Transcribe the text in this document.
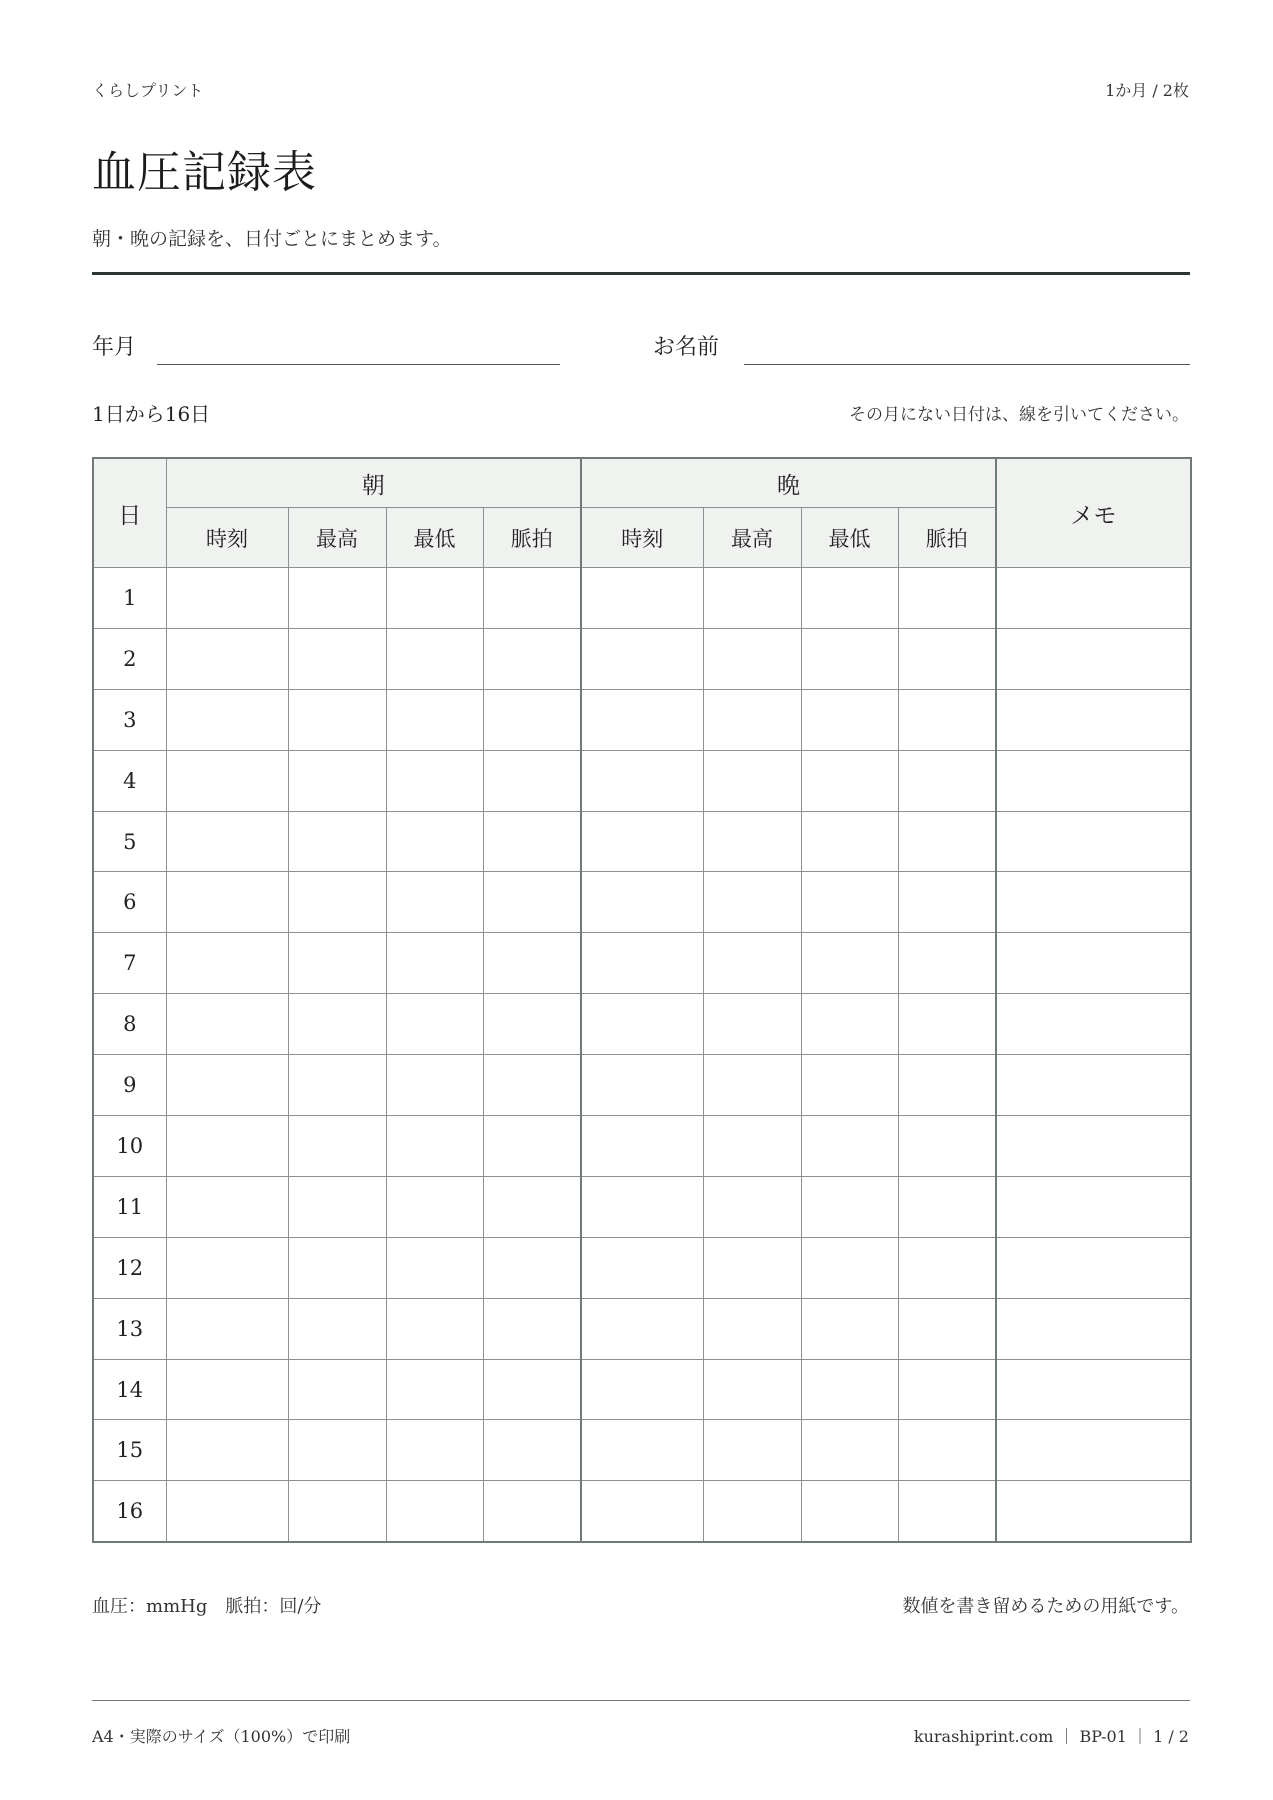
くらしプリント	1か月 / 2枚
血圧記録表
朝・晩の記録を、日付ごとにまとめます。
年月	お名前
1日から16日	その月にない日付は、線を引いてください。
日	朝				晩				メモ
	時刻	最高	最低	脈拍	時刻	最高	最低	脈拍	
1									
2									
3									
4									
5									
6									
7									
8									
9									
10									
11									
12									
13									
14									
15									
16									
血圧：mmHg　脈拍：回/分	数値を書き留めるための用紙です。
A4・実際のサイズ（100%）で印刷	kurashiprint.com ｜ BP-01 ｜ 1 / 2
